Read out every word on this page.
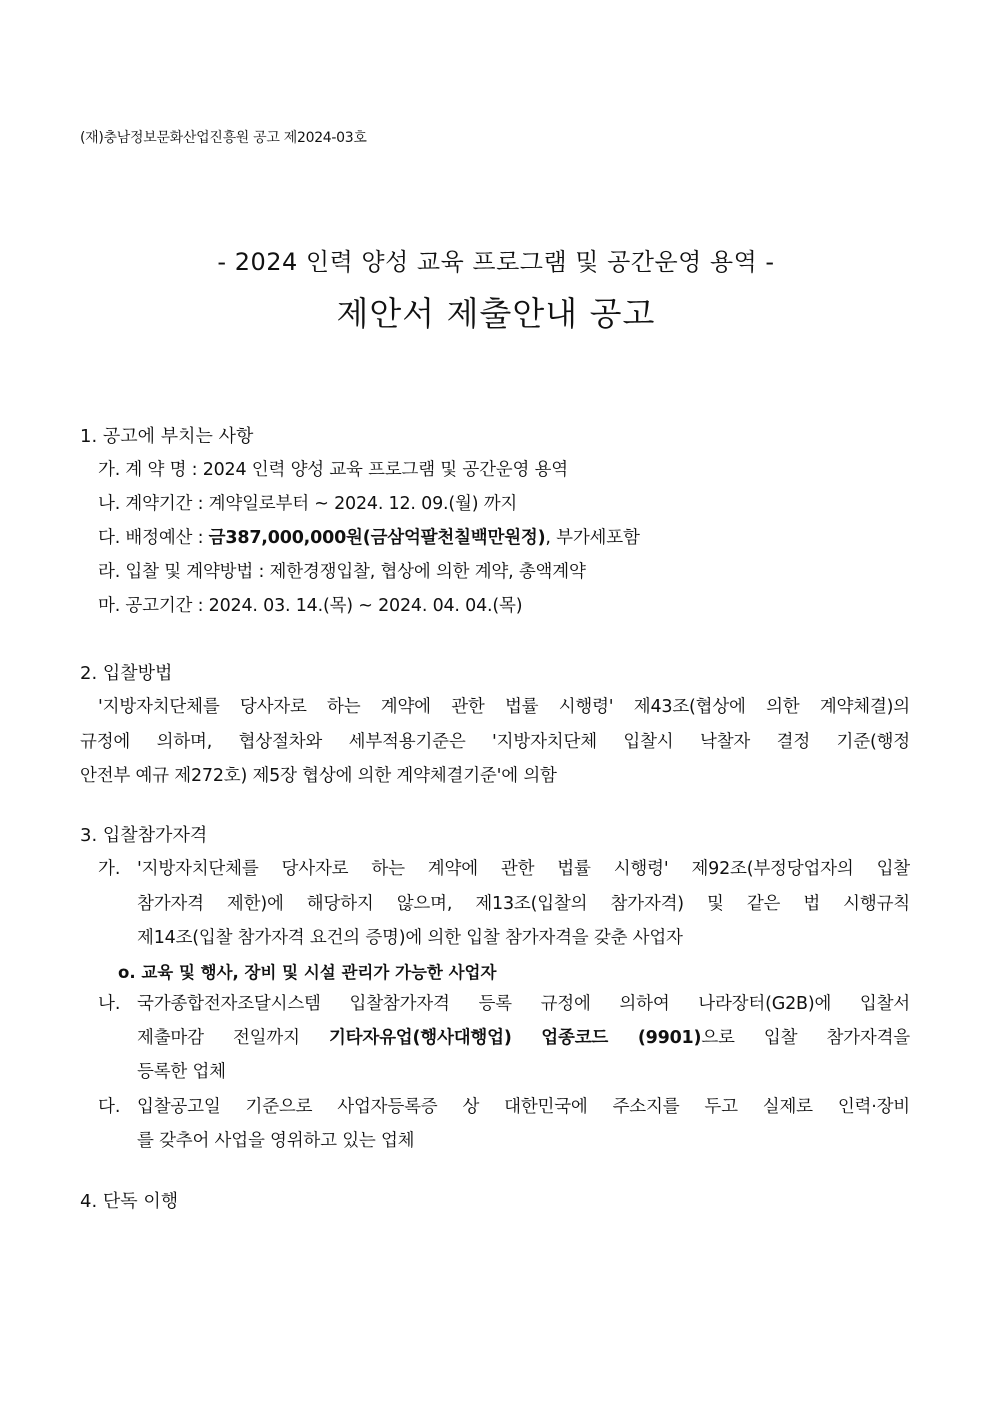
(재)충남정보문화산업진흥원 공고 제2024-03호
- 2024 인력 양성 교육 프로그램 및 공간운영 용역 -
제안서 제출안내 공고
1. 공고에 부치는 사항
가. 계 약 명 : 2024 인력 양성 교육 프로그램 및 공간운영 용역
나. 계약기간 : 계약일로부터 ~ 2024. 12. 09.(월) 까지
다. 배정예산 : 금387,000,000원(금삼억팔천칠백만원정), 부가세포함
라. 입찰 및 계약방법 : 제한경쟁입찰, 협상에 의한 계약, 총액계약
마. 공고기간 : 2024. 03. 14.(목) ~ 2024. 04. 04.(목)
2. 입찰방법
'지방자치단체를 당사자로 하는 계약에 관한 법률 시행령' 제43조(협상에 의한 계약체결)의
규정에 의하며, 협상절차와 세부적용기준은 '지방자치단체 입찰시 낙찰자 결정 기준(행정
안전부 예규 제272호) 제5장 협상에 의한 계약체결기준'에 의함
3. 입찰참가자격
가. '지방자치단체를 당사자로 하는 계약에 관한 법률 시행령' 제92조(부정당업자의 입찰
참가자격 제한)에 해당하지 않으며, 제13조(입찰의 참가자격) 및 같은 법 시행규칙
제14조(입찰 참가자격 요건의 증명)에 의한 입찰 참가자격을 갖춘 사업자
o. 교육 및 행사, 장비 및 시설 관리가 가능한 사업자
나. 국가종합전자조달시스템 입찰참가자격 등록 규정에 의하여 나라장터(G2B)에 입찰서
제출마감 전일까지 기타자유업(행사대행업) 업종코드 (9901)으로 입찰 참가자격을
등록한 업체
다. 입찰공고일 기준으로 사업자등록증 상 대한민국에 주소지를 두고 실제로 인력·장비
를 갖추어 사업을 영위하고 있는 업체
4. 단독 이행
